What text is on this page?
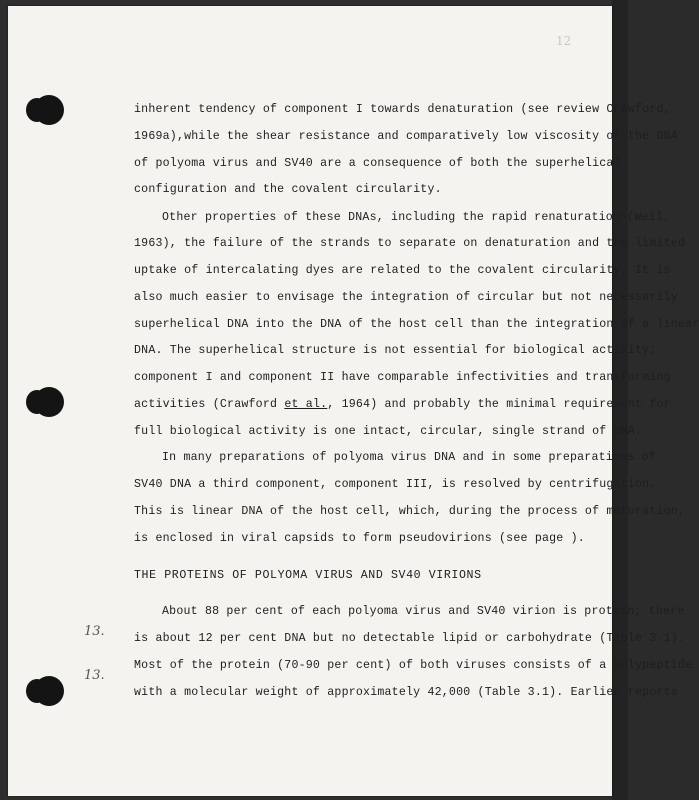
12
inherent tendency of component I towards denaturation (see review Crawford,
1969a),while the shear resistance and comparatively low viscosity of the DNA
of polyoma virus and SV40 are a consequence of both the superhelical
configuration and the covalent circularity.
Other properties of these DNAs, including the rapid renaturation (Weil,
1963), the failure of the strands to separate on denaturation and the limited
uptake of intercalating dyes are related to the covalent circularity. It is
also much easier to envisage the integration of circular but not necessarily
superhelical DNA into the DNA of the host cell than the integration of a linear
DNA. The superhelical structure is not essential for biological activity;
component I and component II have comparable infectivities and transforming
activities (Crawford et al., 1964) and probably the minimal requirement for
full biological activity is one intact, circular, single strand of DNA.
In many preparations of polyoma virus DNA and in some preparations of
SV40 DNA a third component, component III, is resolved by centrifugation.
This is linear DNA of the host cell, which, during the process of maturation,
is enclosed in viral capsids to form pseudovirions (see page ).
THE PROTEINS OF POLYOMA VIRUS AND SV40 VIRIONS
About 88 per cent of each polyoma virus and SV40 virion is protein; there
is about 12 per cent DNA but no detectable lipid or carbohydrate (Table 3.1).
Most of the protein (70-90 per cent) of both viruses consists of a polypeptide
with a molecular weight of approximately 42,000 (Table 3.1). Earlier reports
13.
13.
